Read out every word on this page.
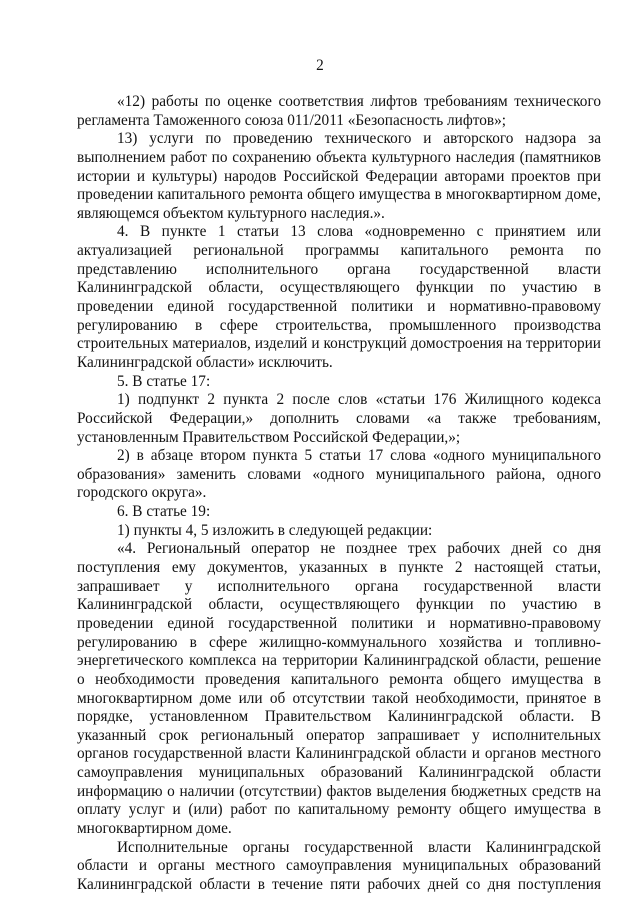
2
«12) работы по оценке соответствия лифтов требованиям технического
регламента Таможенного союза 011/2011 «Безопасность лифтов»;
13) услуги по проведению технического и авторского надзора за
выполнением работ по сохранению объекта культурного наследия (памятников
истории и культуры) народов Российской Федерации авторами проектов при
проведении капитального ремонта общего имущества в многоквартирном доме,
являющемся объектом культурного наследия.».
4. В пункте 1 статьи 13 слова «одновременно с принятием или
актуализацией региональной программы капитального ремонта по
представлению исполнительного органа государственной власти
Калининградской области, осуществляющего функции по участию в
проведении единой государственной политики и нормативно-правовому
регулированию в сфере строительства, промышленного производства
строительных материалов, изделий и конструкций домостроения на территории
Калининградской области» исключить.
5. В статье 17:
1) подпункт 2 пункта 2 после слов «статьи 176 Жилищного кодекса
Российской Федерации,» дополнить словами «а также требованиям,
установленным Правительством Российской Федерации,»;
2) в абзаце втором пункта 5 статьи 17 слова «одного муниципального
образования» заменить словами «одного муниципального района, одного
городского округа».
6. В статье 19:
1) пункты 4, 5 изложить в следующей редакции:
«4. Региональный оператор не позднее трех рабочих дней со дня
поступления ему документов, указанных в пункте 2 настоящей статьи,
запрашивает у исполнительного органа государственной власти
Калининградской области, осуществляющего функции по участию в
проведении единой государственной политики и нормативно-правовому
регулированию в сфере жилищно-коммунального хозяйства и топливно-
энергетического комплекса на территории Калининградской области, решение
о необходимости проведения капитального ремонта общего имущества в
многоквартирном доме или об отсутствии такой необходимости, принятое в
порядке, установленном Правительством Калининградской области. В
указанный срок региональный оператор запрашивает у исполнительных
органов государственной власти Калининградской области и органов местного
самоуправления муниципальных образований Калининградской области
информацию о наличии (отсутствии) фактов выделения бюджетных средств на
оплату услуг и (или) работ по капитальному ремонту общего имущества в
многоквартирном доме.
Исполнительные органы государственной власти Калининградской
области и органы местного самоуправления муниципальных образований
Калининградской области в течение пяти рабочих дней со дня поступления
